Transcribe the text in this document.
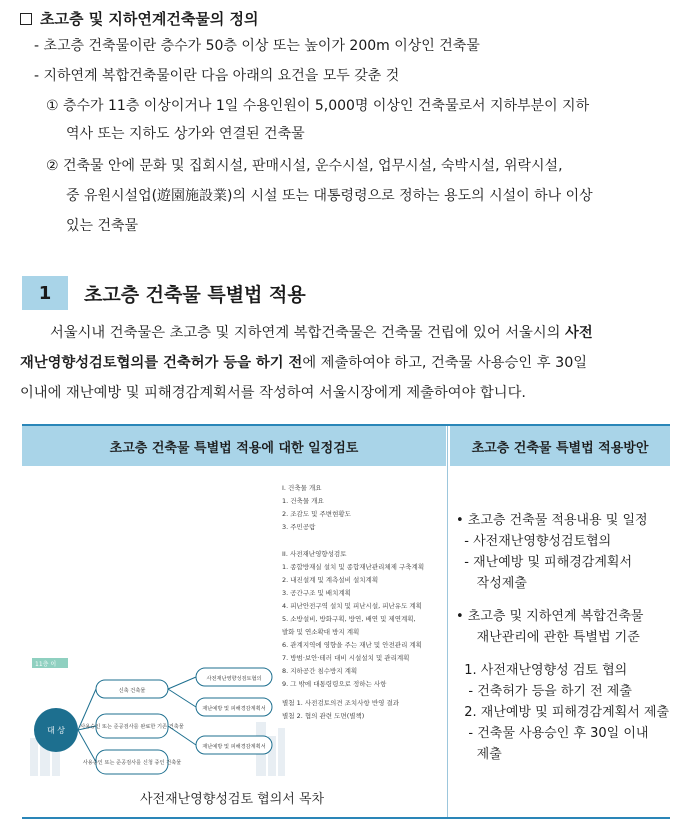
초고층 및 지하연계건축물의 정의
- 초고층 건축물이란 층수가 50층 이상 또는 높이가 200m 이상인 건축물
- 지하연계 복합건축물이란 다음 아래의 요건을 모두 갖춘 것
① 층수가 11층 이상이거나 1일 수용인원이 5,000명 이상인 건축물로서 지하부분이 지하
역사 또는 지하도 상가와 연결된 건축물
② 건축물 안에 문화 및 집회시설, 판매시설, 운수시설, 업무시설, 숙박시설, 위락시설,
중 유원시설업(遊園施設業)의 시설 또는 대통령령으로 정하는 용도의 시설이 하나 이상
있는 건축물
1	초고층 건축물 특별법 적용
서울시내 건축물은 초고층 및 지하연계 복합건축물은 건축물 건립에 있어 서울시의 사전
재난영향성검토협의를 건축허가 등을 하기 전에 제출하여야 하고, 건축물 사용승인 후 30일
이내에 재난예방 및 피해경감계획서를 작성하여 서울시장에게 제출하여야 합니다.
초고층 건축물 특별법 적용에 대한 일정검토	초고층 건축물 특별법 적용방안
I. 건축물 개요
1. 건축물 개요
2. 조감도 및 주변현황도
3. 주민공람
II. 사전재난영향성검토
1. 종합방재실 설치 및 종합재난관리체제 구축계획
2. 내진설계 및 계측설비 설치계획
3. 공간구조 및 배치계획
4. 피난안전구역 설치 및 피난시설, 피난유도 계획
5. 소방설비, 방화구획, 방연, 배연 및 제연계획,
발화 및 연소확대 방지 계획
6. 관계지역에 영향을 주는 재난 및 안전관리 계획
7. 방범·보안·테러 대비 시설설치 및 관리계획
8. 지하공간 침수방지 계획
9. 그 밖에 대통령령으로 정하는 사항
별첨 1. 사전검토의견 조치사항 반영 결과
별첨 2. 협의 관련 도면(별책)
11층 이
대 상
신축 건축물
사용승인 또는 준공검사를 완료한 기존 건축물
사용승인 또는 준공검사를 신청 중인 건축물
사전재난영향성검토협의
재난예방 및 피해경감계획서
재난예방 및 피해경감계획서
사전재난영향성검토 협의서 목차
• 초고층 건축물 적용내용 및 일정
- 사전재난영향성검토협의
- 재난예방 및 피해경감계획서
작성제출
• 초고층 및 지하연계 복합건축물
재난관리에 관한 특별법 기준
1. 사전재난영향성 검토 협의
- 건축허가 등을 하기 전 제출
2. 재난예방 및 피해경감계획서 제출
- 건축물 사용승인 후 30일 이내
제출
